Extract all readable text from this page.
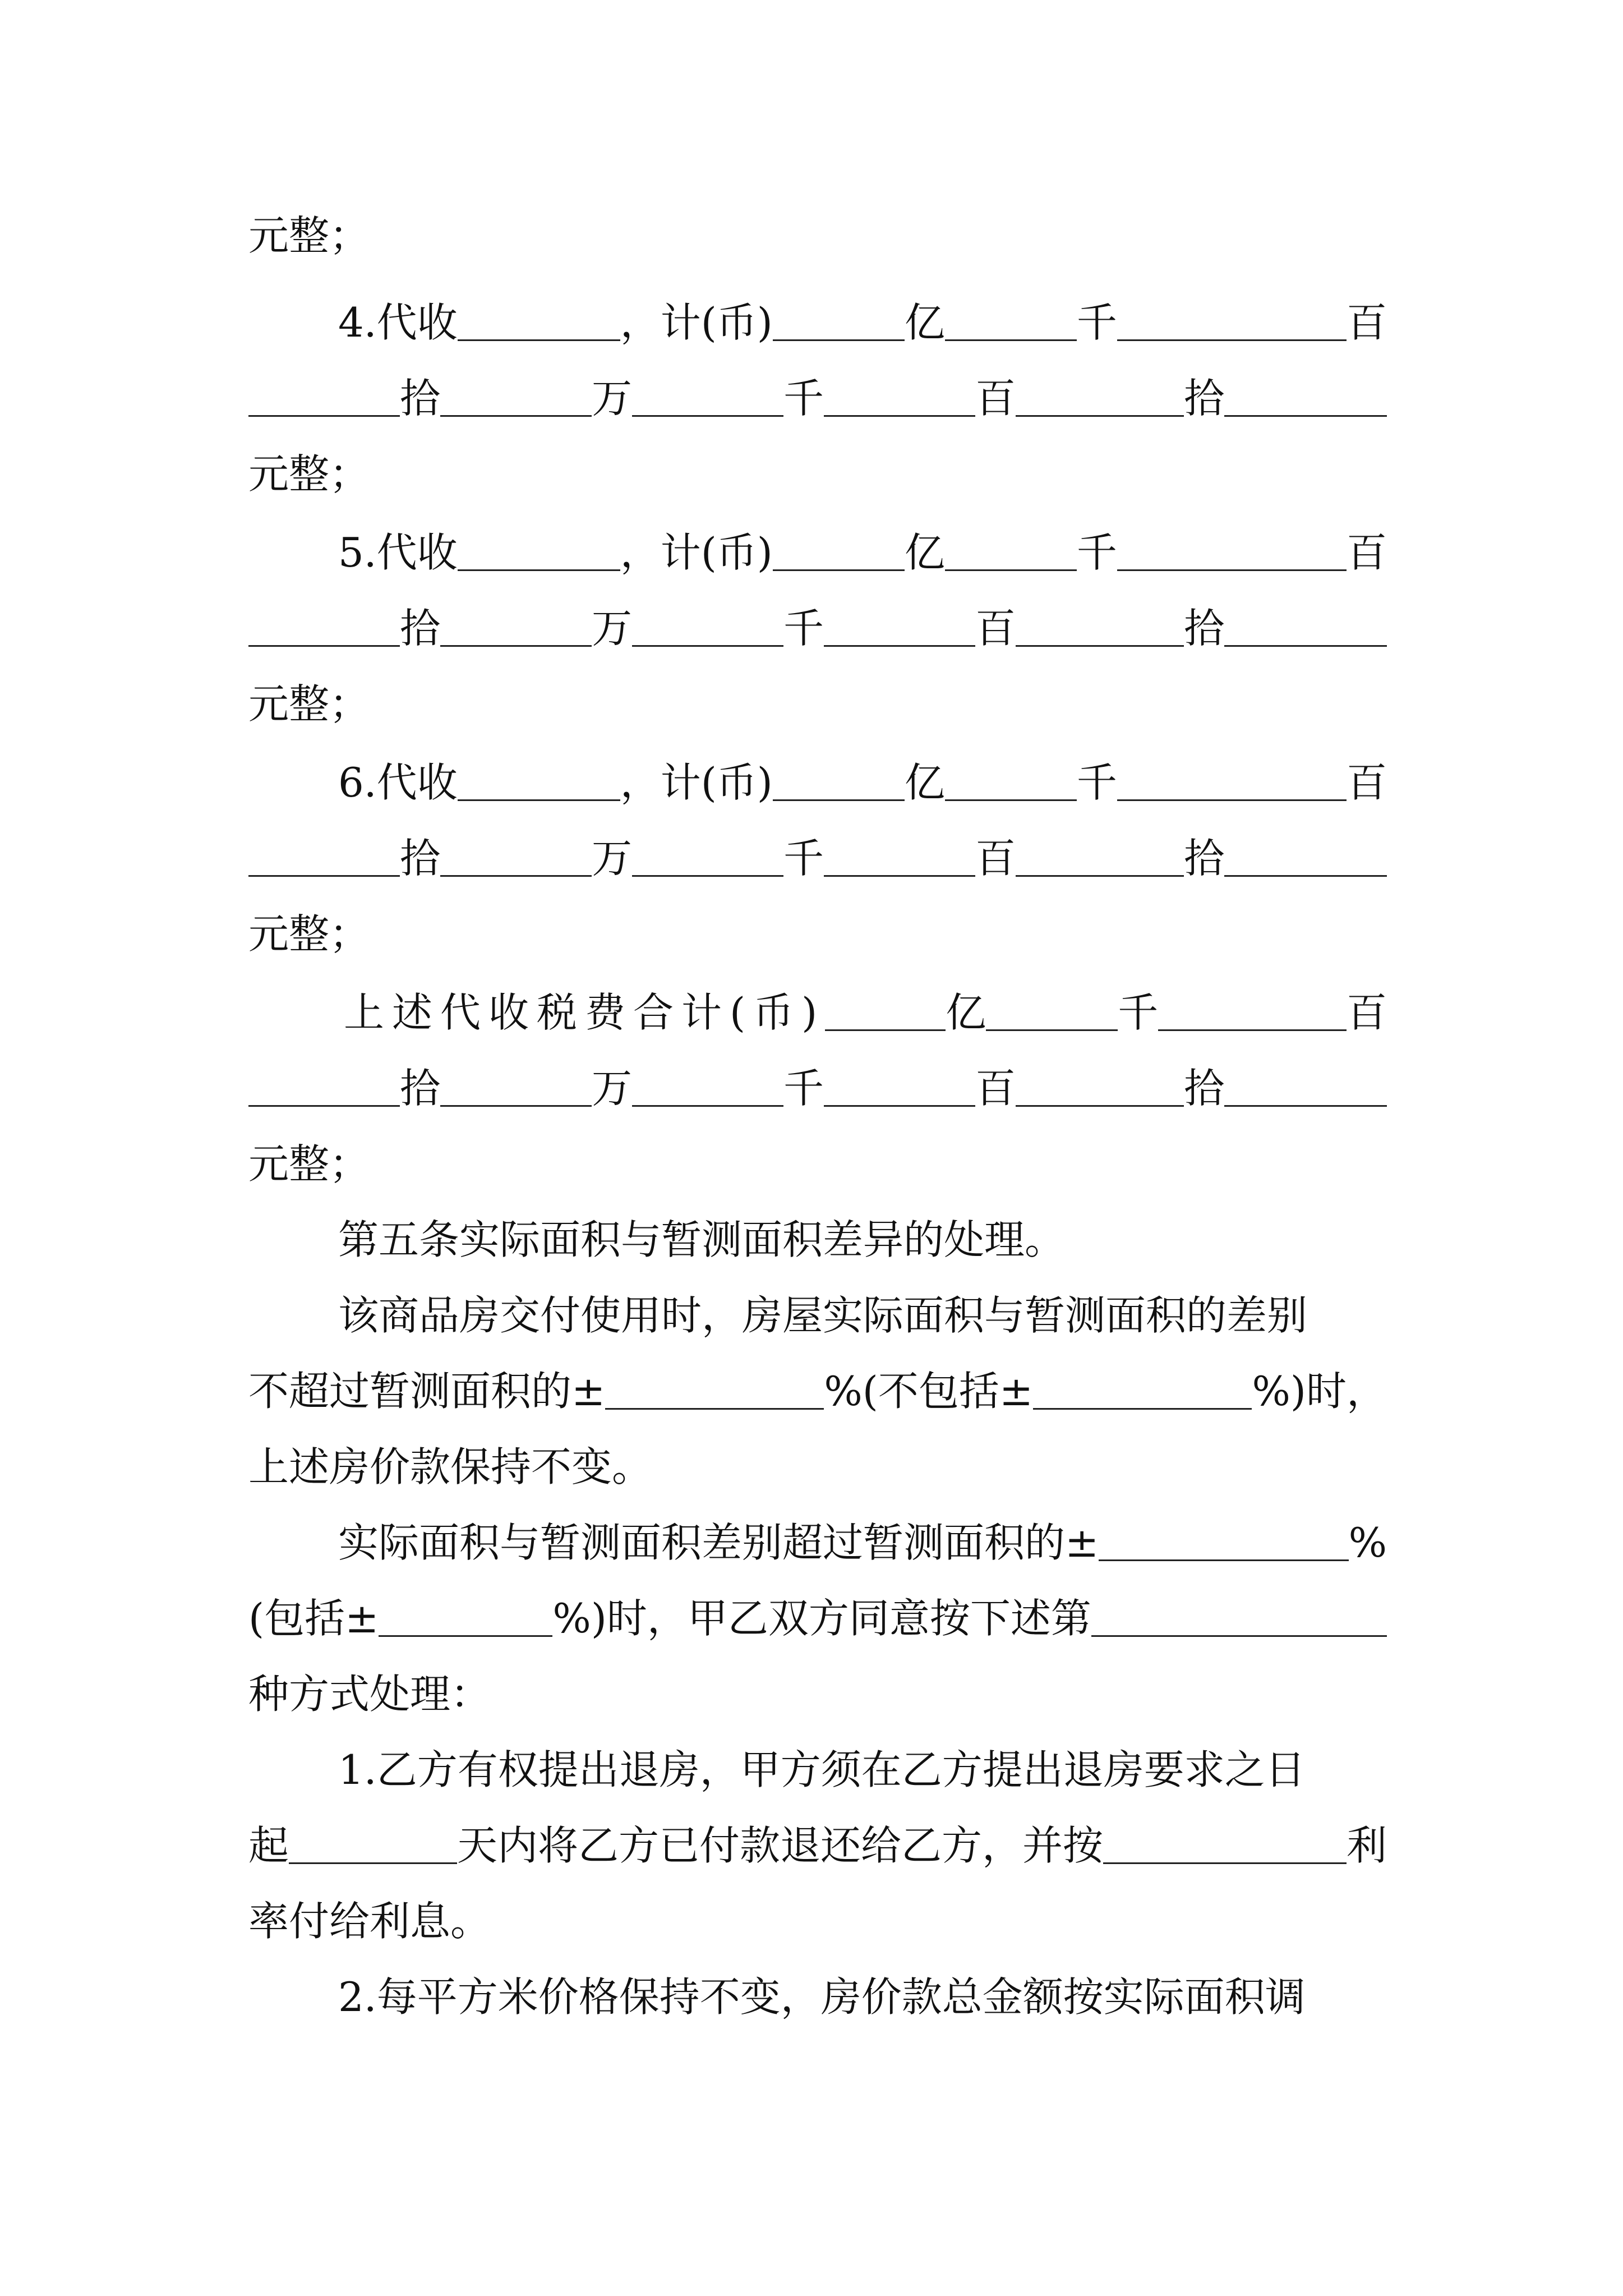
元整；
4.代收	，计(币)	亿	千	百
拾	万	千	百	拾
元整；
5.代收	，计(币)	亿	千	百
拾	万	千	百	拾
元整；
6.代收	，计(币)	亿	千	百
拾	万	千	百	拾
元整；
上述代收税费合计(币)	亿	千	百
拾	万	千	百	拾
元整；
第五条实际面积与暂测面积差异的处理。
该商品房交付使用时，房屋实际面积与暂测面积的差别
不超过暂测面积的±	%(不包括±	%)时，
上述房价款保持不变。
实际面积与暂测面积差别超过暂测面积的±	%
(包括±	%)时，甲乙双方同意按下述第
种方式处理：
1.乙方有权提出退房，甲方须在乙方提出退房要求之日
起	天内将乙方已付款退还给乙方，并按	利
率付给利息。
2.每平方米价格保持不变，房价款总金额按实际面积调
